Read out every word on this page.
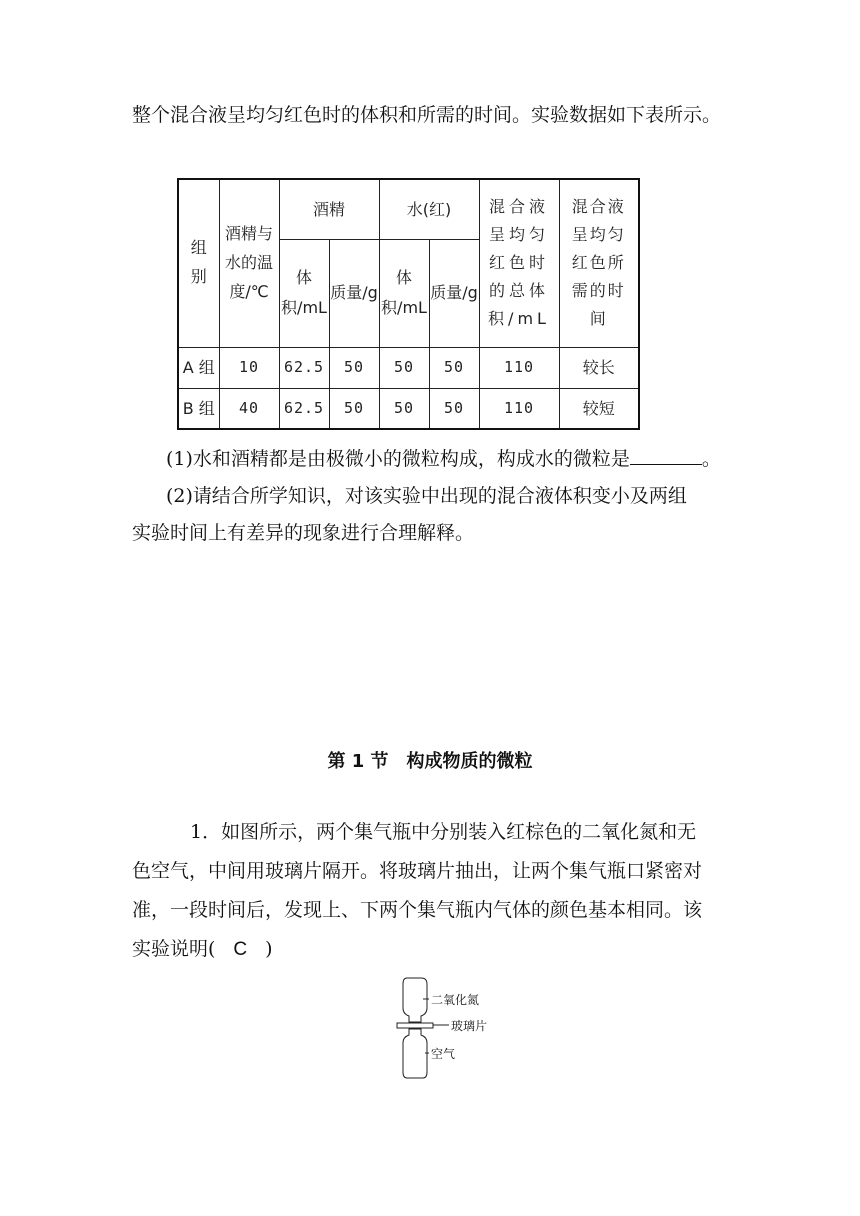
整个混合液呈均匀红色时的体积和所需的时间。实验数据如下表所示。
组别	酒精与水的温度/℃	酒精		水(红)		混合液呈均匀红色时的总体积/mL	混合液呈均匀红色所需的时间
		体积/mL	质量/g	体积/mL	质量/g		
A 组	10	62.5	50	50	50	110	较长
B 组	40	62.5	50	50	50	110	较短
(1)水和酒精都是由极微小的微粒构成，构成水的微粒是	。
(2)请结合所学知识，对该实验中出现的混合液体积变小及两组
实验时间上有差异的现象进行合理解释。
第 1 节　构成物质的微粒
1．如图所示，两个集气瓶中分别装入红棕色的二氧化氮和无
色空气，中间用玻璃片隔开。将玻璃片抽出，让两个集气瓶口紧密对
准，一段时间后，发现上、下两个集气瓶内气体的颜色基本相同。该
实验说明( C )
二氧化氮
玻璃片
空气
